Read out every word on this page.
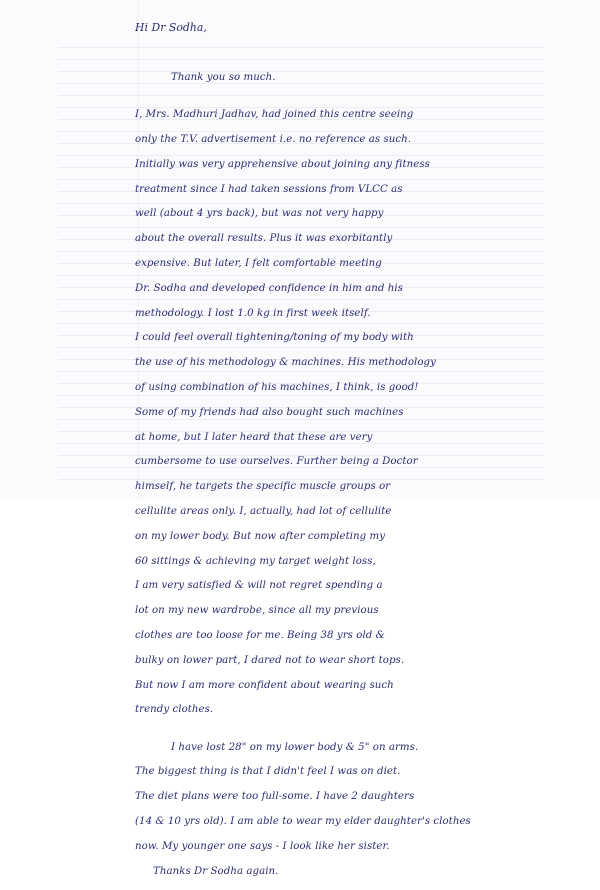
Hi Dr Sodha,

Thank you so much.

I, Mrs. Madhuri Jadhav, had joined this centre seeing

only the T.V. advertisement i.e. no reference as such.

Initially was very apprehensive about joining any fitness

treatment since I had taken sessions from VLCC as

well (about 4 yrs back), but was not very happy

about the overall results. Plus it was exorbitantly

expensive. But later, I felt comfortable meeting

Dr. Sodha and developed confidence in him and his

methodology. I lost 1.0 kg in first week itself.

I could feel overall tightening/toning of my body with

the use of his methodology & machines. His methodology

of using combination of his machines, I think, is good!

Some of my friends had also bought such machines

at home, but I later heard that these are very

cumbersome to use ourselves. Further being a Doctor

himself, he targets the specific muscle groups or

cellulite areas only. I, actually, had lot of cellulite

on my lower body. But now after completing my

60 sittings & achieving my target weight loss,

I am very satisfied & will not regret spending a

lot on my new wardrobe, since all my previous

clothes are too loose for me. Being 38 yrs old &

bulky on lower part, I dared not to wear short tops.

But now I am more confident about wearing such

trendy clothes.

I have lost 28" on my lower body & 5" on arms.

The biggest thing is that I didn't feel I was on diet.

The diet plans were too full-some. I have 2 daughters

(14 & 10 yrs old). I am able to wear my elder daughter's clothes

now. My younger one says - I look like her sister.

Thanks Dr Sodha again.
